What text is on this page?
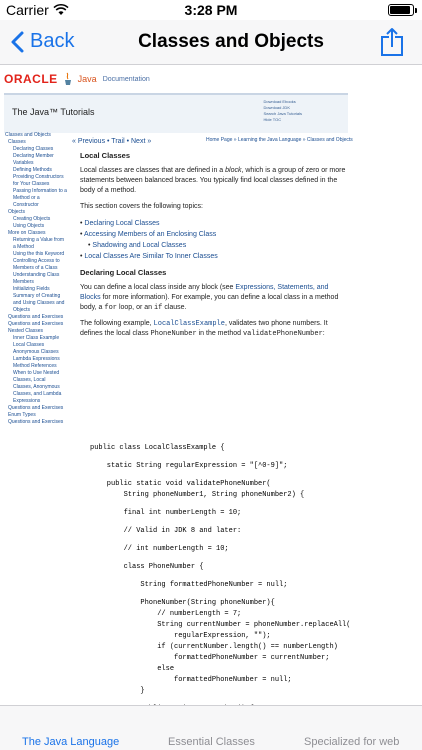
Carrier	3:28 PM
Back	Classes and Objects
ORACLE Java Documentation
The Java™ Tutorials
Download Ebooks
Download JDK
Search Java Tutorials
Hide TOC
Classes and Objects
Classes
Declaring Classes
Declaring Member
Variables
Defining Methods
Providing Constructors
for Your Classes
Passing Information to a
Method or a
Constructor
Objects
Creating Objects
Using Objects
More on Classes
Returning a Value from
a Method
Using the this Keyword
Controlling Access to
Members of a Class
Understanding Class
Members
Initializing Fields
Summary of Creating
and Using Classes and
Objects
Questions and Exercises
Questions and Exercises
Nested Classes
Inner Class Example
Local Classes
Anonymous Classes
Lambda Expressions
Method References
When to Use Nested
Classes, Local
Classes, Anonymous
Classes, and Lambda
Expressions
Questions and Exercises
Enum Types
Questions and Exercises
« Previous • Trail • Next »	Home Page » Learning the Java Language » Classes and Objects
Local Classes

Local classes are classes that are defined in a block, which is a group of zero or more statements between balanced braces. You typically find local classes defined in the body of a method.

This section covers the following topics:

• Declaring Local Classes
• Accessing Members of an Enclosing Class
• Shadowing and Local Classes
• Local Classes Are Similar To Inner Classes
Declaring Local Classes

You can define a local class inside any block (see Expressions, Statements, and Blocks for more information). For example, you can define a local class in a method body, a for loop, or an if clause.

The following example, LocalClassExample, validates two phone numbers. It defines the local class PhoneNumber in the method validatePhoneNumber:

public class LocalClassExample {
static String regularExpression = "[^0-9]";
public static void validatePhoneNumber(
String phoneNumber1, String phoneNumber2) {
final int numberLength = 10;
// Valid in JDK 8 and later:
// int numberLength = 10;
class PhoneNumber {
String formattedPhoneNumber = null;
PhoneNumber(String phoneNumber){
// numberLength = 7;
String currentNumber = phoneNumber.replaceAll(
regularExpression, "");
if (currentNumber.length() == numberLength)
formattedPhoneNumber = currentNumber;
else
formattedPhoneNumber = null;
}
The Java Language	Essential Classes	Specialized for web
